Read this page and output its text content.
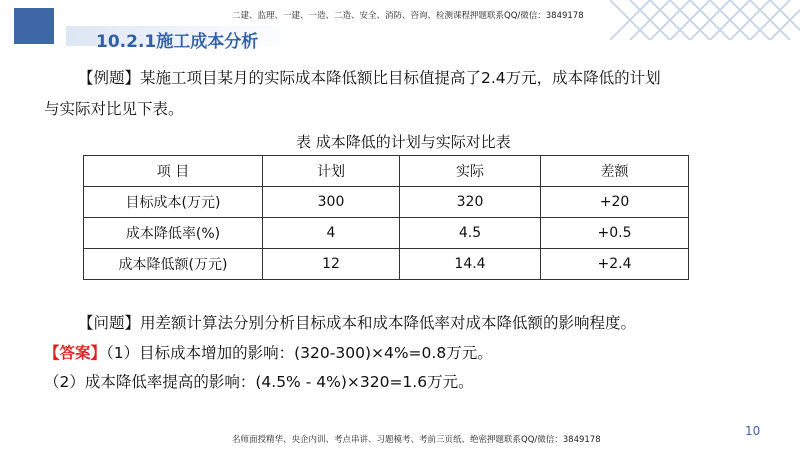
二建、监理、一建、一造、二造、安全、消防、咨询、检测课程押题联系QQ/微信：3849178
10.2.1施工成本分析
【例题】某施工项目某月的实际成本降低额比目标值提高了2.4万元，成本降低的计划
与实际对比见下表。
表 成本降低的计划与实际对比表
项 目	计划	实际	差额
目标成本(万元)	300	320	+20
成本降低率(%)	4	4.5	+0.5
成本降低额(万元)	12	14.4	+2.4
【问题】用差额计算法分别分析目标成本和成本降低率对成本降低额的影响程度。
【答案】（1）目标成本增加的影响：(320-300)×4%=0.8万元。
（2）成本降低率提高的影响：(4.5% - 4%)×320=1.6万元。
10
名师面授精华、央企内训、考点串讲、习题模考、考前三页纸、绝密押题联系QQ/微信：3849178
